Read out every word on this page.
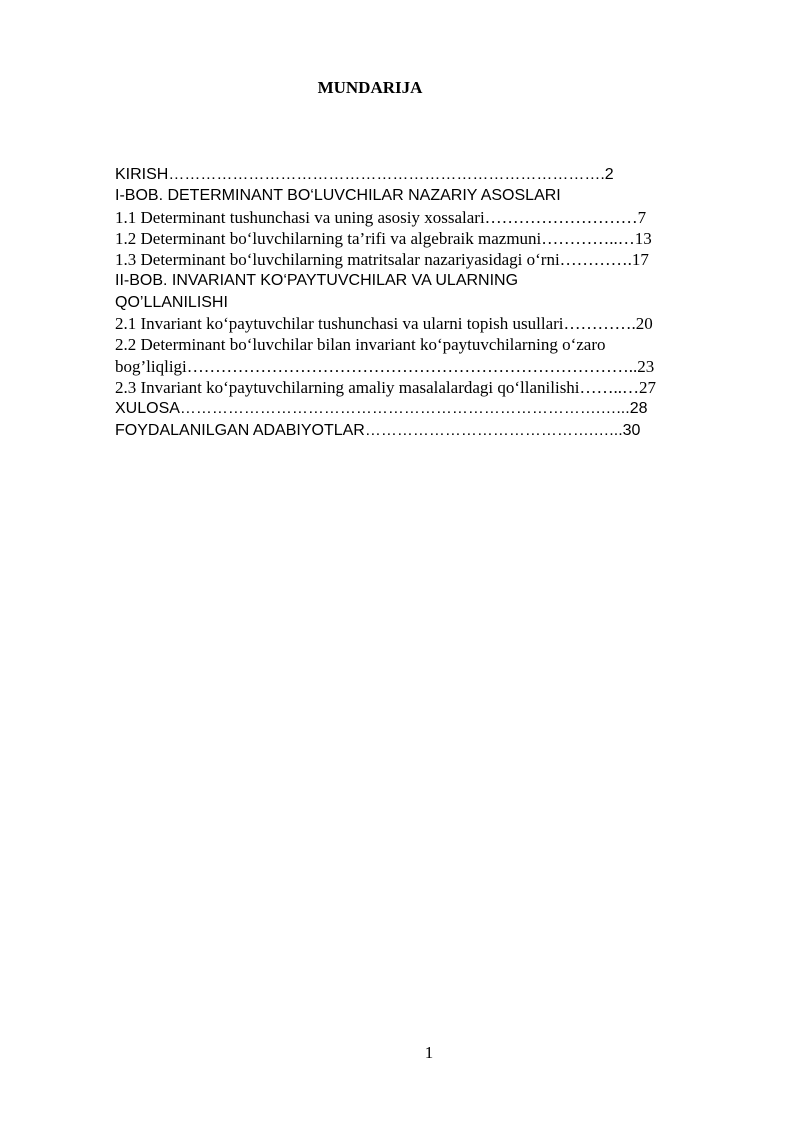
MUNDARIJA
KIRISH……………………………………………………………………….2
I-BOB. DETERMINANT BO‘LUVCHILAR NAZARIY ASOSLARI
1.1 Determinant tushunchasi va uning asosiy xossalari………………………7
1.2 Determinant bo‘luvchilarning ta’rifi va algebraik mazmuni…………..…13
1.3 Determinant bo‘luvchilarning matritsalar nazariyasidagi o‘rni………….17
II-BOB. INVARIANT KO‘PAYTUVCHILAR VA ULARNING
QO’LLANILISHI
2.1 Invariant ko‘paytuvchilar tushunchasi va ularni topish usullari………….20
2.2 Determinant bo‘luvchilar bilan invariant ko‘paytuvchilarning o‘zaro
bog’liqligi……………………………………………………………………..23
2.3 Invariant ko‘paytuvchilarning amaliy masalalardagi qo‘llanilishi……..…27
XULOSA…………………………………………………………………….…...28
FOYDALANILGAN ADABIYOTLAR…………………………………….…...30
1
